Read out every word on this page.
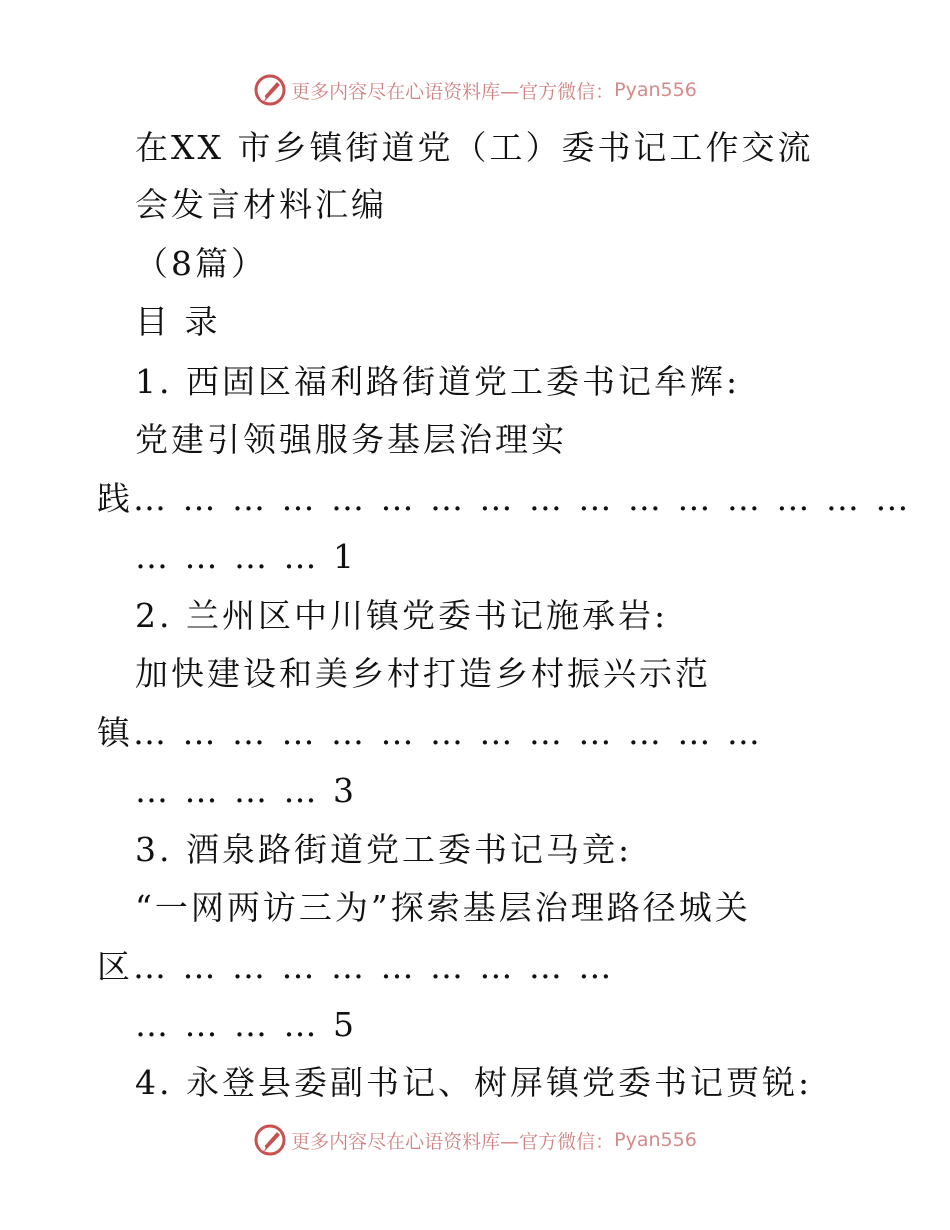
更多内容尽在心语资料库—官方微信： Pyan556
在XX 市乡镇街道党（工）委书记工作交流
会发言材料汇编
（8篇）
目 录
1. 西固区福利路街道党工委书记牟辉:
党建引领强服务基层治理实
践… … … … … … … … … … … … … … … …
… … … … 1
2. 兰州区中川镇党委书记施承岩:
加快建设和美乡村打造乡村振兴示范
镇… … … … … … … … … … … … …
… … … … 3
3. 酒泉路街道党工委书记马竞:
“一网两访三为”探索基层治理路径城关
区… … … … … … … … … …
… … … … 5
4. 永登县委副书记、树屏镇党委书记贾锐:
更多内容尽在心语资料库—官方微信： Pyan556
